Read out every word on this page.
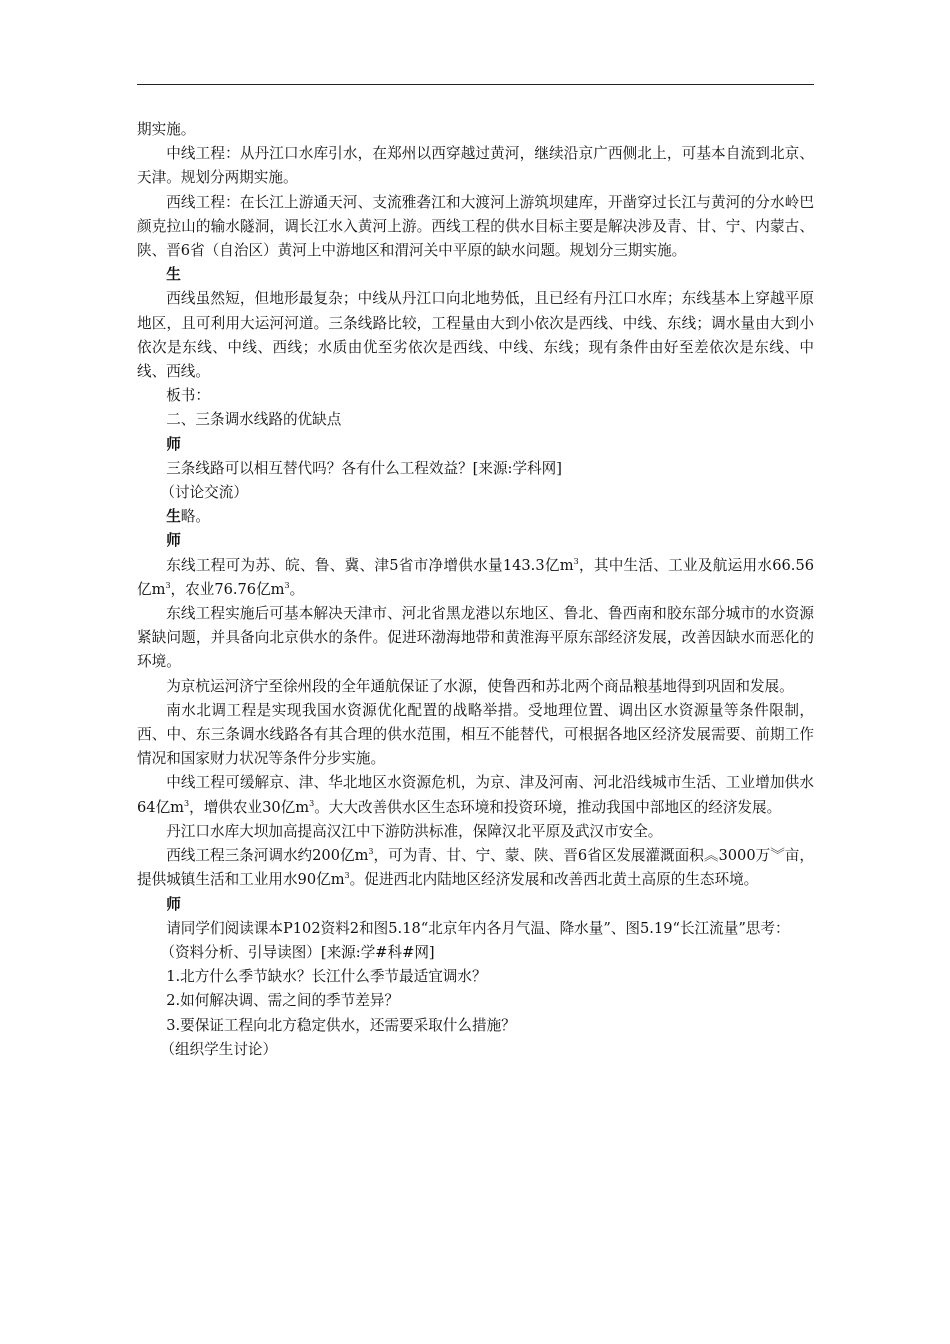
期实施。

中线工程：从丹江口水库引水，在郑州以西穿越过黄河，继续沿京广西侧北上，可基本自流到北京、天津。规划分两期实施。

西线工程：在长江上游通天河、支流雅砻江和大渡河上游筑坝建库，开凿穿过长江与黄河的分水岭巴颜克拉山的输水隧洞，调长江水入黄河上游。西线工程的供水目标主要是解决涉及青、甘、宁、内蒙古、陕、晋6省（自治区）黄河上中游地区和渭河关中平原的缺水问题。规划分三期实施。

生

西线虽然短，但地形最复杂；中线从丹江口向北地势低，且已经有丹江口水库；东线基本上穿越平原地区，且可利用大运河河道。三条线路比较，工程量由大到小依次是西线、中线、东线；调水量由大到小依次是东线、中线、西线；水质由优至劣依次是西线、中线、东线；现有条件由好至差依次是东线、中线、西线。

板书：

二、三条调水线路的优缺点

师

三条线路可以相互替代吗？各有什么工程效益？[来源:学科网]

（讨论交流）

生略。

师

东线工程可为苏、皖、鲁、冀、津5省市净增供水量143.3亿$m^3$，其中生活、工业及航运用水66.56亿$m^3$，农业76.76亿$m^3$。

东线工程实施后可基本解决天津市、河北省黑龙港以东地区、鲁北、鲁西南和胶东部分城市的水资源紧缺问题，并具备向北京供水的条件。促进环渤海地带和黄淮海平原东部经济发展，改善因缺水而恶化的环境。

为京杭运河济宁至徐州段的全年通航保证了水源，使鲁西和苏北两个商品粮基地得到巩固和发展。

南水北调工程是实现我国水资源优化配置的战略举措。受地理位置、调出区水资源量等条件限制，西、中、东三条调水线路各有其合理的供水范围，相互不能替代，可根据各地区经济发展需要、前期工作情况和国家财力状况等条件分步实施。

中线工程可缓解京、津、华北地区水资源危机，为京、津及河南、河北沿线城市生活、工业增加供水64亿$m^3$，增供农业30亿$m^3$。大大改善供水区生态环境和投资环境，推动我国中部地区的经济发展。

丹江口水库大坝加高提高汉江中下游防洪标准，保障汉北平原及武汉市安全。

西线工程三条河调水约200亿$m^3$，可为青、甘、宁、蒙、陕、晋6省区发展灌溉面积︽3000万︾亩，提供城镇生活和工业用水90亿$m^3$。促进西北内陆地区经济发展和改善西北黄土高原的生态环境。

师

请同学们阅读课本P102资料2和图5.18“北京年内各月气温、降水量”、图5.19“长江流量”思考：

（资料分析、引导读图）[来源:学#科#网]

1.北方什么季节缺水？长江什么季节最适宜调水？

2.如何解决调、需之间的季节差异？

3.要保证工程向北方稳定供水，还需要采取什么措施？

（组织学生讨论）
